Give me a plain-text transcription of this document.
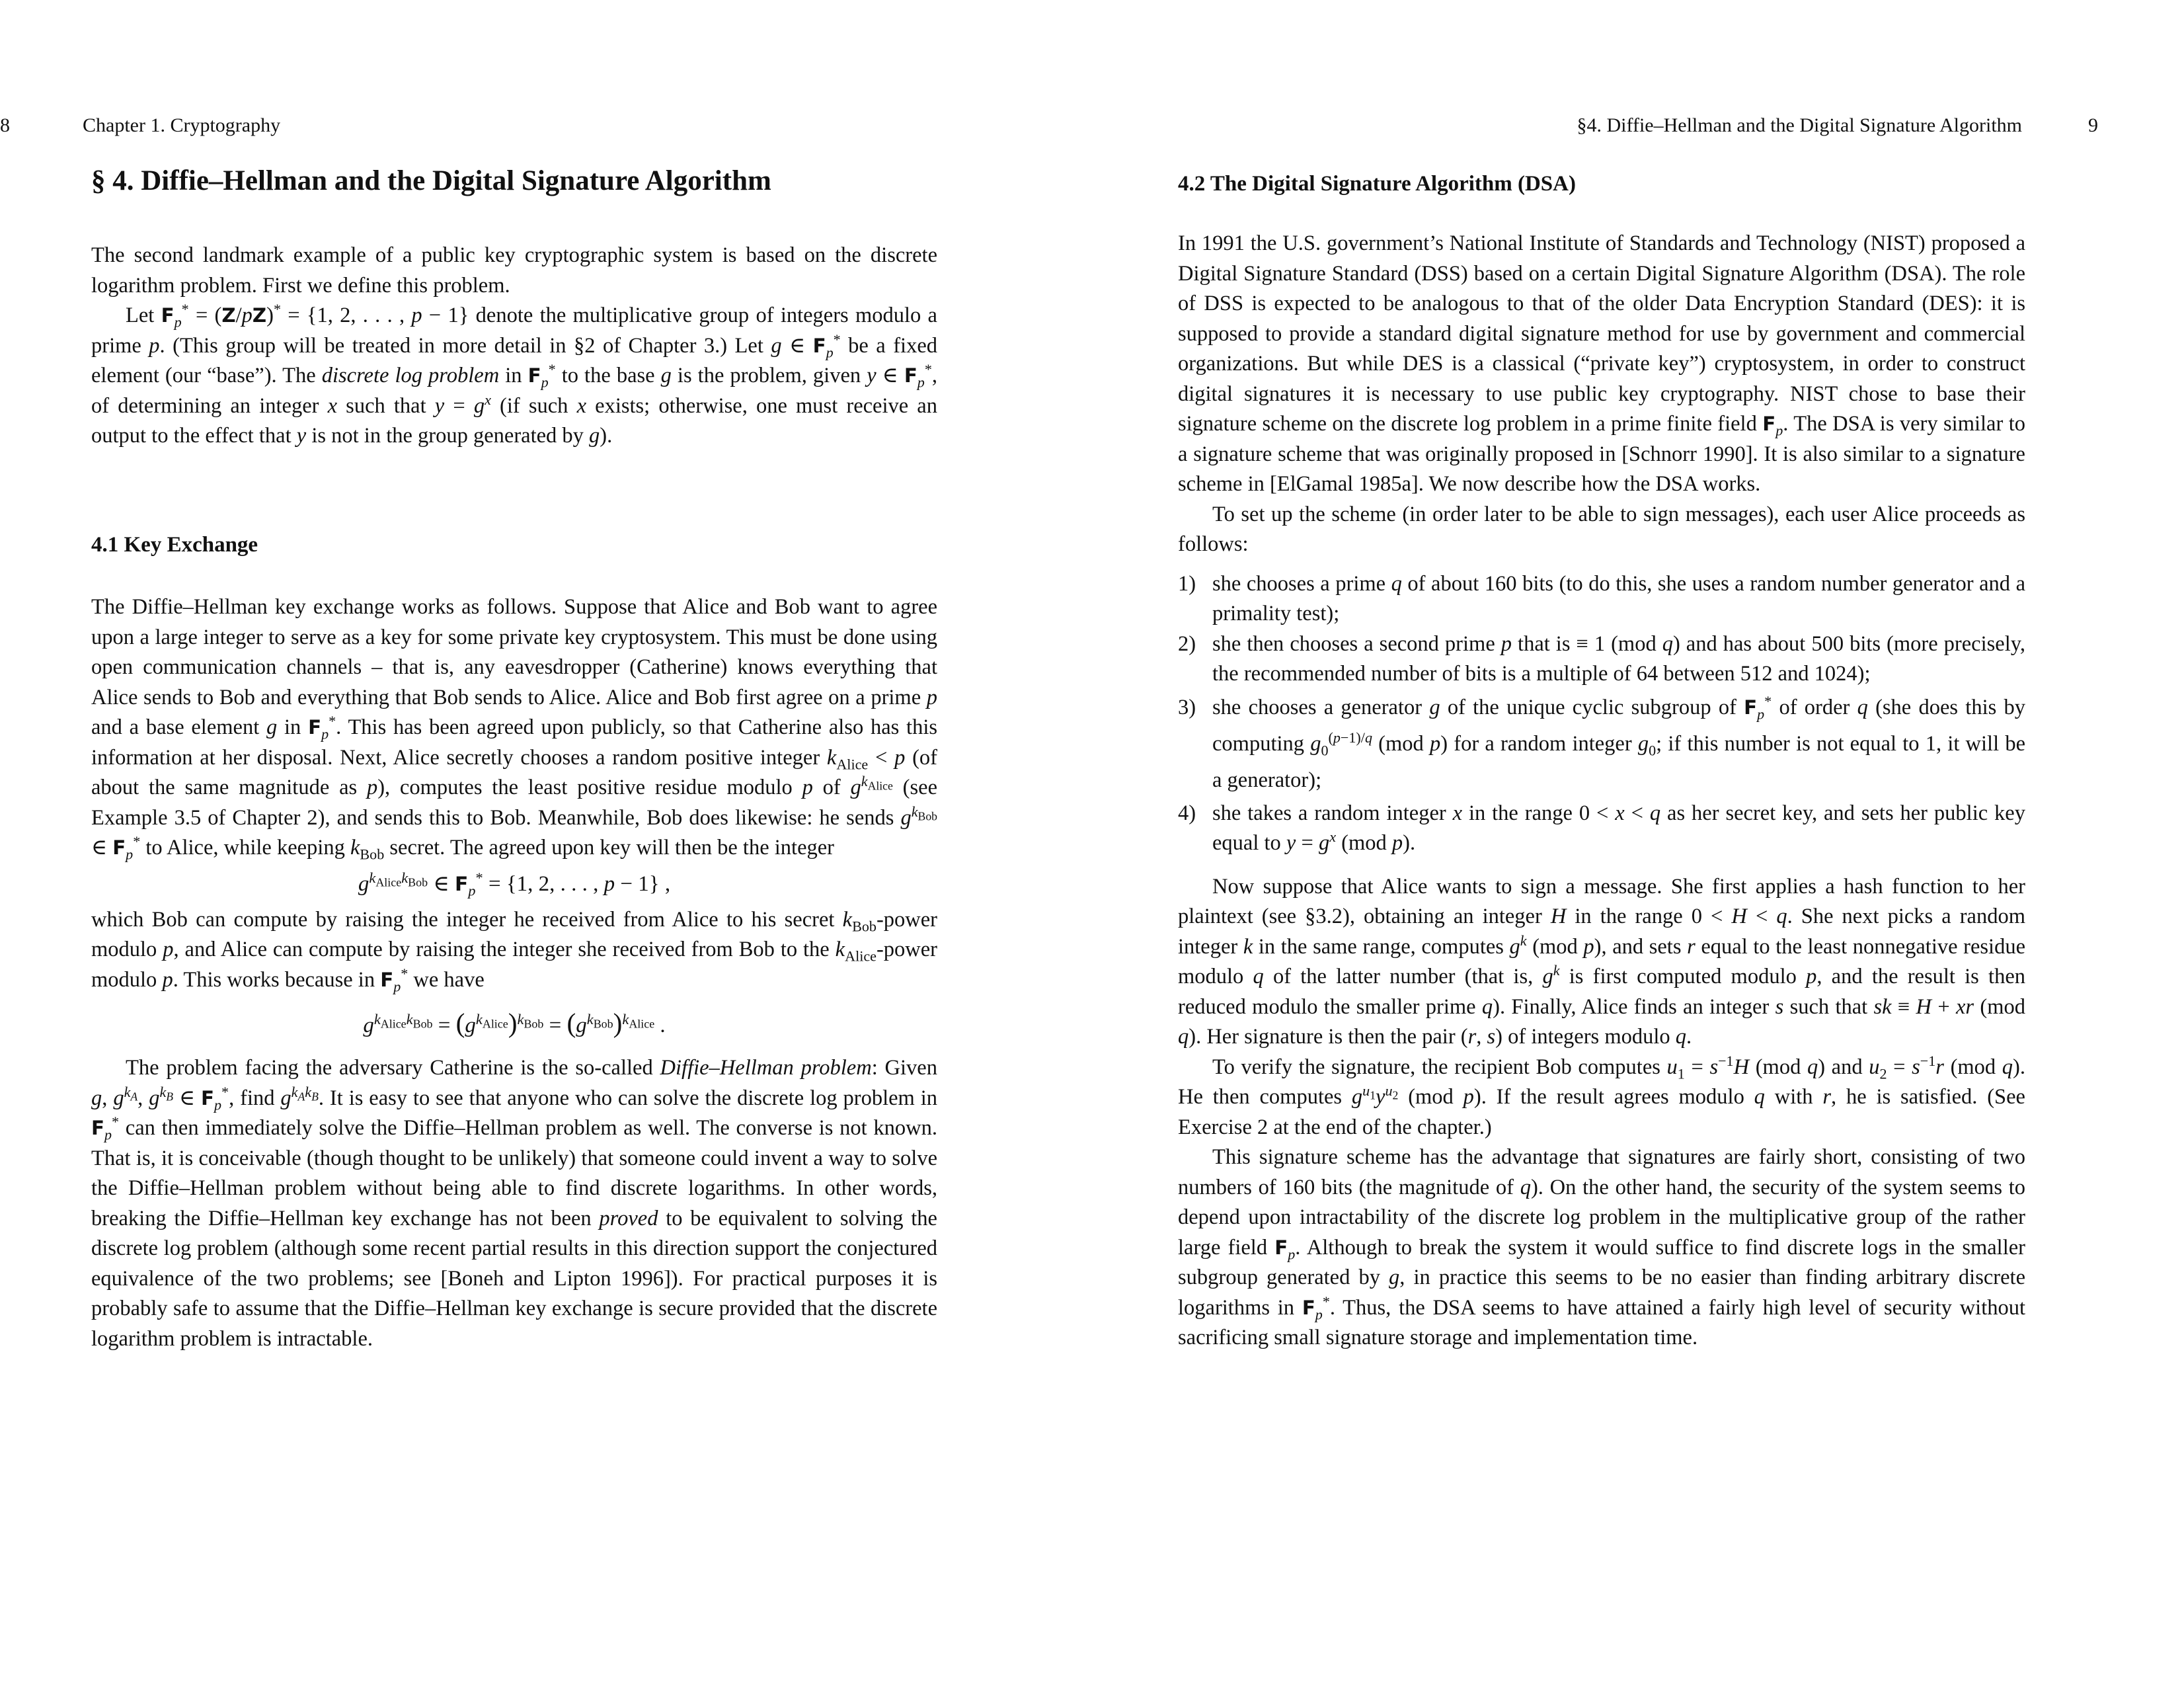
8	Chapter 1. Cryptography
§ 4. Diffie–Hellman and the Digital Signature Algorithm

The second landmark example of a public key cryptographic system is based on the discrete logarithm problem. First we define this problem.

Let $F_p^* = (Z/pZ)^* = \{1$, 2, . . . , p − 1} denote the multiplicative group of integers modulo a prime p. (This group will be treated in more detail in §2 of Chapter 3.) Let g ∈ $F_p^*$ be a fixed element (our “base”). The discrete log problem in $F_p^*$ to the base g is the problem, given y ∈ $F_p^*$, of determining an integer x such that $y = g^x$ (if such x exists; otherwise, one must receive an output to the effect that y is not in the group generated by g).

4.1 Key Exchange

The Diffie–Hellman key exchange works as follows. Suppose that Alice and Bob want to agree upon a large integer to serve as a key for some private key cryptosystem. This must be done using open communication channels – that is, any eavesdropper (Catherine) knows everything that Alice sends to Bob and everything that Bob sends to Alice. Alice and Bob first agree on a prime p and a base element g in $F_p^*$. This has been agreed upon publicly, so that Catherine also has this information at her disposal. Next, Alice secretly chooses a random positive integer $k_{Alice} < p$ (of about the same magnitude as p), computes the least positive residue modulo p of $g^{k_{Alice}}$ (see Example 3.5 of Chapter 2), and sends this to Bob. Meanwhile, Bob does likewise: he sends $g^{k_{Bob}}$ ∈ $F_p^*$ to Alice, while keeping $k_{Bob}$ secret. The agreed upon key will then be the integer

$g^{k_{Alice}k_{Bob}}$ ∈ $F_p^* = \{1$, 2, . . . , p − 1} ,

which Bob can compute by raising the integer he received from Alice to his secret $k_{Bob}$-power modulo p, and Alice can compute by raising the integer she received from Bob to the $k_{Alice}$-power modulo p. This works because in $F_p^*$ we have

$g^{k_{Alice}k_{Bob}} = (g^{k_{Alice}})^{k_{Bob}} = (g^{k_{Bob}})^{k_{Alice}}$ .

The problem facing the adversary Catherine is the so-called Diffie–Hellman problem: Given g, $g^{k_A}$, $g^{k_B}$ ∈ $F_p^*$, find $g^{k_Ak_B}$. It is easy to see that anyone who can solve the discrete log problem in $F_p^*$ can then immediately solve the Diffie–Hellman problem as well. The converse is not known. That is, it is conceivable (though thought to be unlikely) that someone could invent a way to solve the Diffie–Hellman problem without being able to find discrete logarithms. In other words, breaking the Diffie–Hellman key exchange has not been proved to be equivalent to solving the discrete log problem (although some recent partial results in this direction support the conjectured equivalence of the two problems; see [Boneh and Lipton 1996]). For practical purposes it is probably safe to assume that the Diffie–Hellman key exchange is secure provided that the discrete logarithm problem is intractable.

§4. Diffie–Hellman and the Digital Signature Algorithm	9
4.2 The Digital Signature Algorithm (DSA)

In 1991 the U.S. government’s National Institute of Standards and Technology (NIST) proposed a Digital Signature Standard (DSS) based on a certain Digital Signature Algorithm (DSA). The role of DSS is expected to be analogous to that of the older Data Encryption Standard (DES): it is supposed to provide a standard digital signature method for use by government and commercial organizations. But while DES is a classical (“private key”) cryptosystem, in order to construct digital signatures it is necessary to use public key cryptography. NIST chose to base their signature scheme on the discrete log problem in a prime finite field $F_p$. The DSA is very similar to a signature scheme that was originally proposed in [Schnorr 1990]. It is also similar to a signature scheme in [ElGamal 1985a]. We now describe how the DSA works.

To set up the scheme (in order later to be able to sign messages), each user Alice proceeds as follows:

1) she chooses a prime q of about 160 bits (to do this, she uses a random number generator and a primality test);
2) she then chooses a second prime p that is ≡ 1 (mod q) and has about 500 bits (more precisely, the recommended number of bits is a multiple of 64 between 512 and 1024);
3) she chooses a generator g of the unique cyclic subgroup of $F_p^*$ of order q (she does this by computing $g_0^{(p-1)/q}$ (mod p) for a random integer $g_0$; if this number is not equal to 1, it will be a generator);
4) she takes a random integer x in the range 0 < x < q as her secret key, and sets her public key equal to $y = g^x$ (mod p).

Now suppose that Alice wants to sign a message. She first applies a hash function to her plaintext (see §3.2), obtaining an integer H in the range 0 < H < q. She next picks a random integer k in the same range, computes $g^k$ (mod p), and sets r equal to the least nonnegative residue modulo q of the latter number (that is, $g^k$ is first computed modulo p, and the result is then reduced modulo the smaller prime q). Finally, Alice finds an integer s such that sk ≡ H + xr (mod q). Her signature is then the pair (r, s) of integers modulo q.

To verify the signature, the recipient Bob computes $u_1 = s^{-1}H$ (mod q) and $u_2 = s^{-1}r$ (mod q). He then computes $g^{u_1}y^{u_2}$ (mod p). If the result agrees modulo q with r, he is satisfied. (See Exercise 2 at the end of the chapter.)

This signature scheme has the advantage that signatures are fairly short, consisting of two numbers of 160 bits (the magnitude of q). On the other hand, the security of the system seems to depend upon intractability of the discrete log problem in the multiplicative group of the rather large field $F_p$. Although to break the system it would suffice to find discrete logs in the smaller subgroup generated by g, in practice this seems to be no easier than finding arbitrary discrete logarithms in $F_p^*$. Thus, the DSA seems to have attained a fairly high level of security without sacrificing small signature storage and implementation time.
